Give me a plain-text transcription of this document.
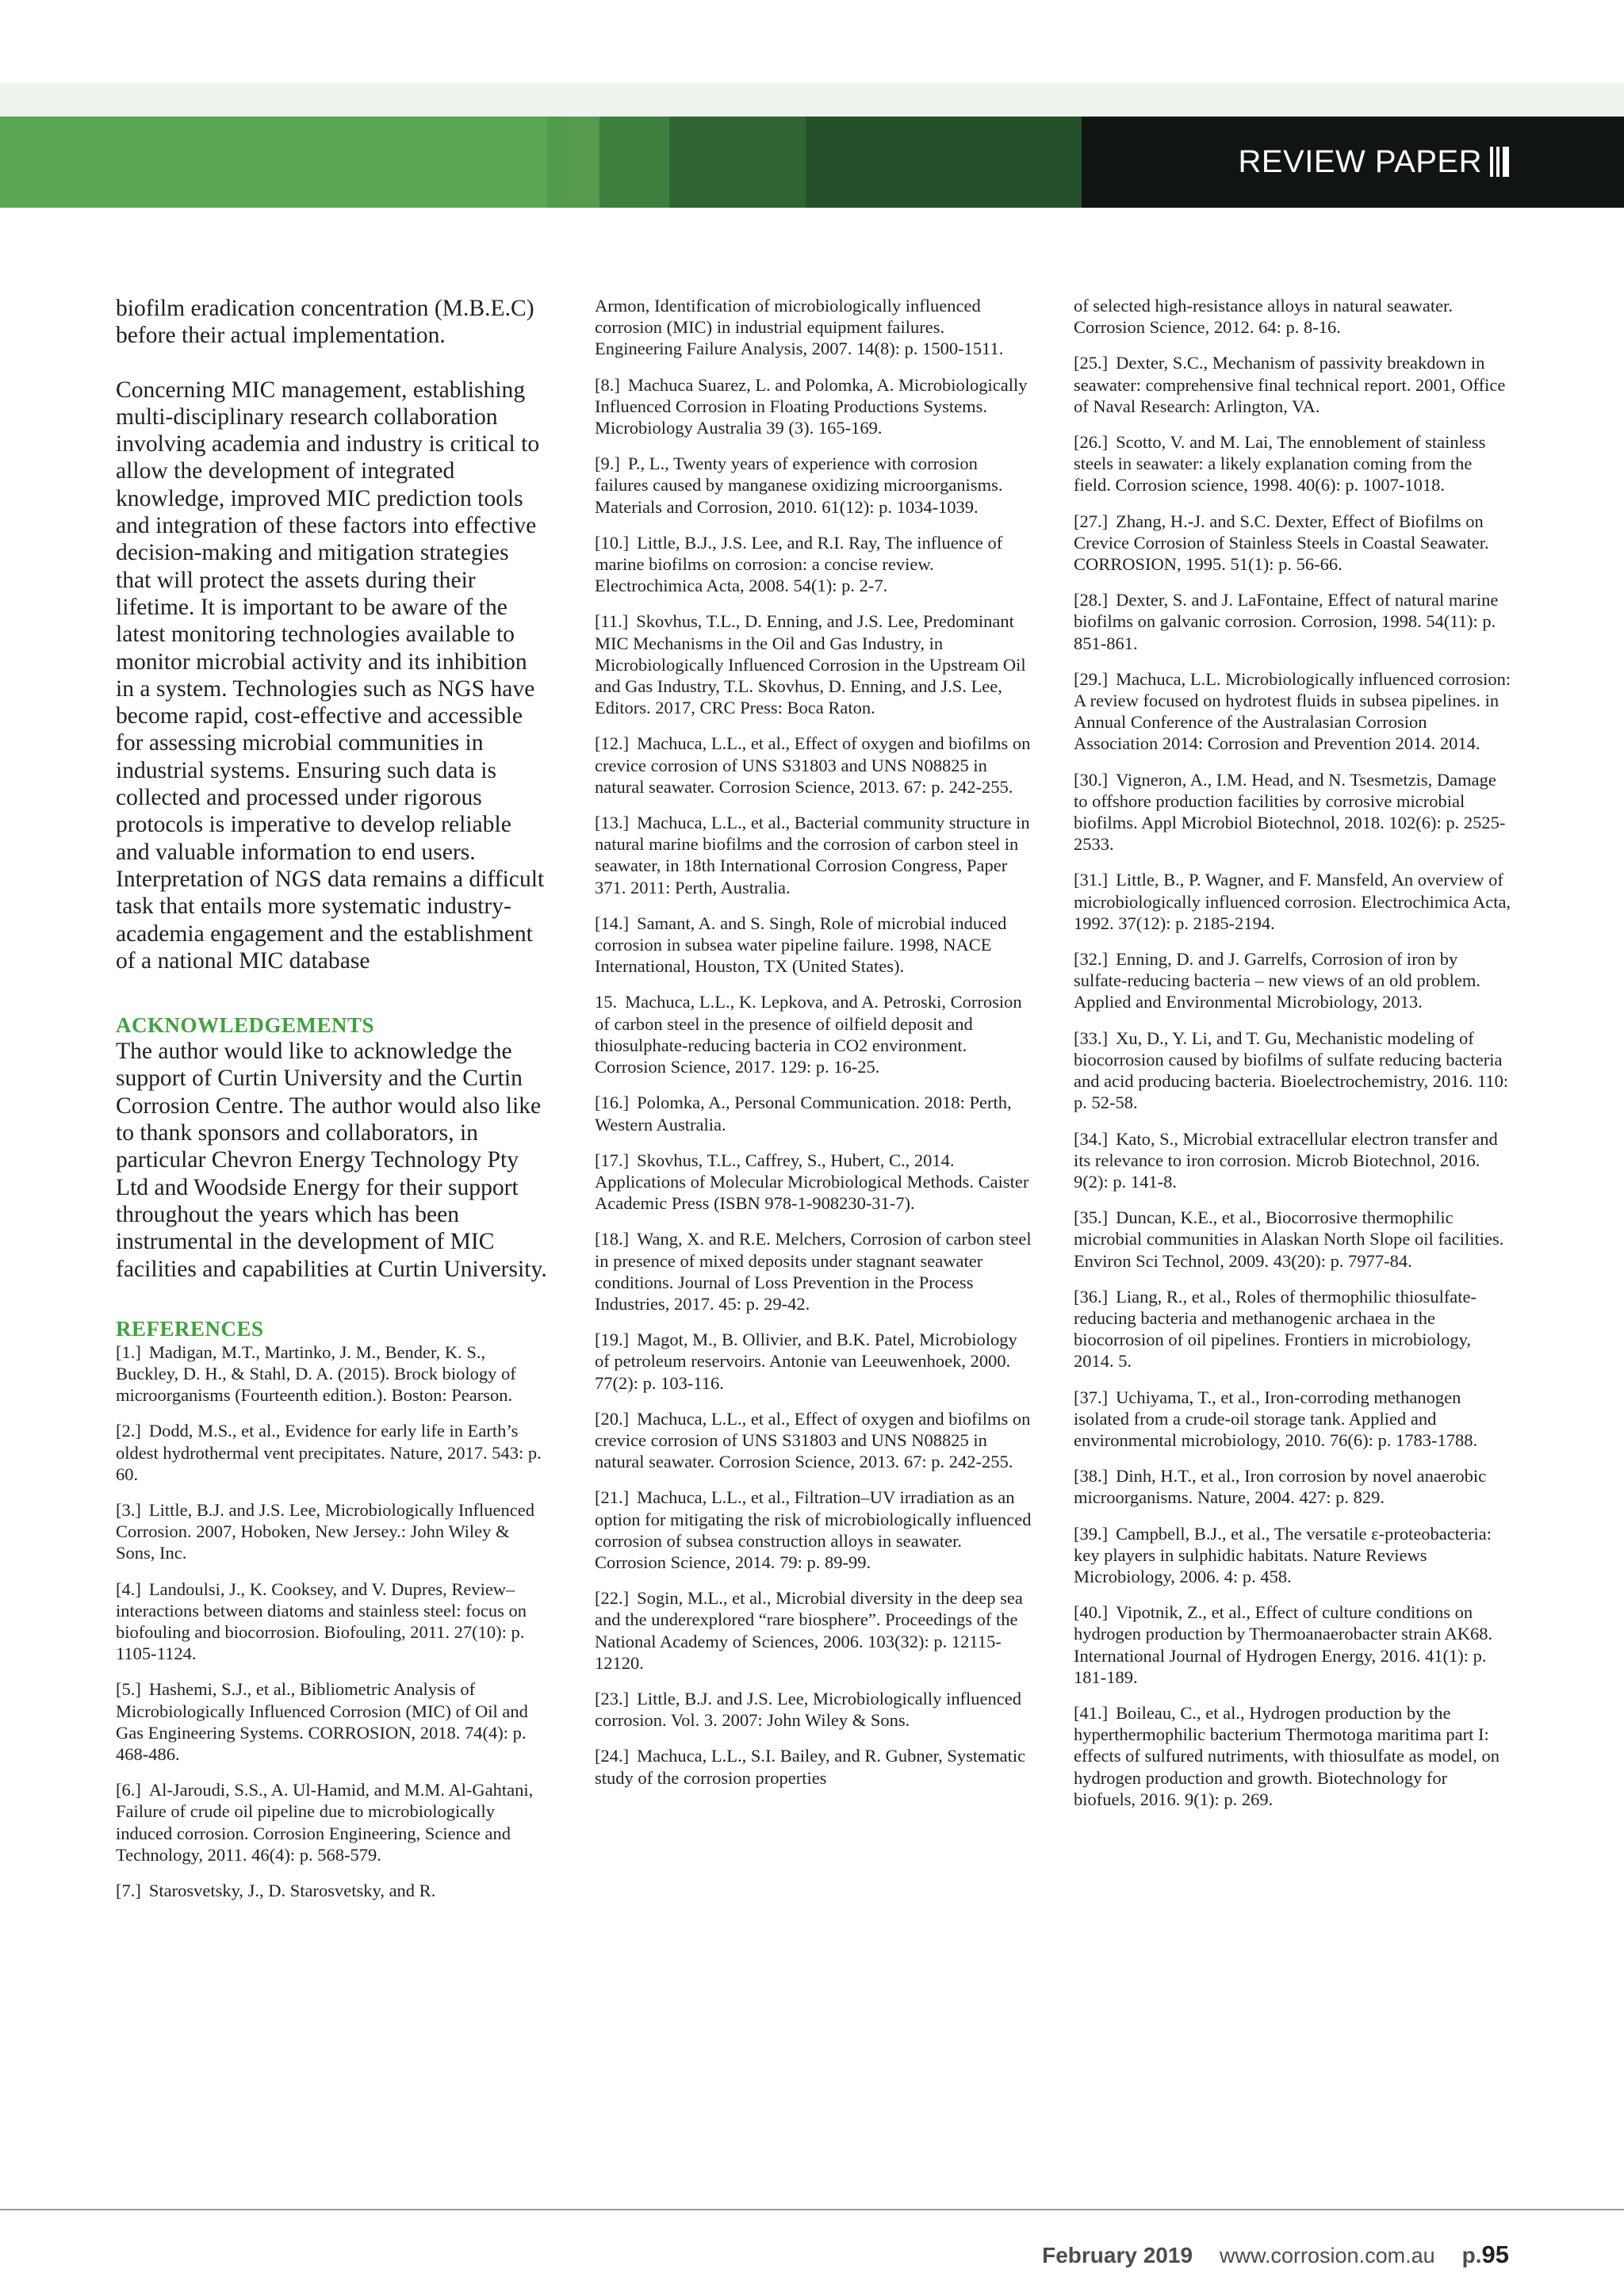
REVIEW PAPER

biofilm eradication concentration (M.B.E.C) before their actual implementation.

Concerning MIC management, establishing multi-disciplinary research collaboration involving academia and industry is critical to allow the development of integrated knowledge, improved MIC prediction tools and integration of these factors into effective decision-making and mitigation strategies that will protect the assets during their lifetime. It is important to be aware of the latest monitoring technologies available to monitor microbial activity and its inhibition in a system. Technologies such as NGS have become rapid, cost-effective and accessible for assessing microbial communities in industrial systems. Ensuring such data is collected and processed under rigorous protocols is imperative to develop reliable and valuable information to end users. Interpretation of NGS data remains a difficult task that entails more systematic industry-academia engagement and the establishment of a national MIC database

ACKNOWLEDGEMENTS

The author would like to acknowledge the support of Curtin University and the Curtin Corrosion Centre. The author would also like to thank sponsors and collaborators, in particular Chevron Energy Technology Pty Ltd and Woodside Energy for their support throughout the years which has been instrumental in the development of MIC facilities and capabilities at Curtin University.

REFERENCES

[1.] Madigan, M.T., Martinko, J. M., Bender, K. S., Buckley, D. H., & Stahl, D. A. (2015). Brock biology of microorganisms (Fourteenth edition.). Boston: Pearson.

[2.] Dodd, M.S., et al., Evidence for early life in Earth’s oldest hydrothermal vent precipitates. Nature, 2017. 543: p. 60.

[3.] Little, B.J. and J.S. Lee, Microbiologically Influenced Corrosion. 2007, Hoboken, New Jersey.: John Wiley & Sons, Inc.

[4.] Landoulsi, J., K. Cooksey, and V. Dupres, Review–interactions between diatoms and stainless steel: focus on biofouling and biocorrosion. Biofouling, 2011. 27(10): p. 1105-1124.

[5.] Hashemi, S.J., et al., Bibliometric Analysis of Microbiologically Influenced Corrosion (MIC) of Oil and Gas Engineering Systems. CORROSION, 2018. 74(4): p. 468-486.

[6.] Al-Jaroudi, S.S., A. Ul-Hamid, and M.M. Al-Gahtani, Failure of crude oil pipeline due to microbiologically induced corrosion. Corrosion Engineering, Science and Technology, 2011. 46(4): p. 568-579.

[7.] Starosvetsky, J., D. Starosvetsky, and R.

Armon, Identification of microbiologically influenced corrosion (MIC) in industrial equipment failures. Engineering Failure Analysis, 2007. 14(8): p. 1500-1511.

[8.] Machuca Suarez, L. and Polomka, A. Microbiologically Influenced Corrosion in Floating Productions Systems. Microbiology Australia 39 (3). 165-169.

[9.] P., L., Twenty years of experience with corrosion failures caused by manganese oxidizing microorganisms. Materials and Corrosion, 2010. 61(12): p. 1034-1039.

[10.] Little, B.J., J.S. Lee, and R.I. Ray, The influence of marine biofilms on corrosion: a concise review. Electrochimica Acta, 2008. 54(1): p. 2-7.

[11.] Skovhus, T.L., D. Enning, and J.S. Lee, Predominant MIC Mechanisms in the Oil and Gas Industry, in Microbiologically Influenced Corrosion in the Upstream Oil and Gas Industry, T.L. Skovhus, D. Enning, and J.S. Lee, Editors. 2017, CRC Press: Boca Raton.

[12.] Machuca, L.L., et al., Effect of oxygen and biofilms on crevice corrosion of UNS S31803 and UNS N08825 in natural seawater. Corrosion Science, 2013. 67: p. 242-255.

[13.] Machuca, L.L., et al., Bacterial community structure in natural marine biofilms and the corrosion of carbon steel in seawater, in 18th International Corrosion Congress, Paper 371. 2011: Perth, Australia.

[14.] Samant, A. and S. Singh, Role of microbial induced corrosion in subsea water pipeline failure. 1998, NACE International, Houston, TX (United States).

15. Machuca, L.L., K. Lepkova, and A. Petroski, Corrosion of carbon steel in the presence of oilfield deposit and thiosulphate-reducing bacteria in CO2 environment. Corrosion Science, 2017. 129: p. 16-25.

[16.] Polomka, A., Personal Communication. 2018: Perth, Western Australia.

[17.] Skovhus, T.L., Caffrey, S., Hubert, C., 2014. Applications of Molecular Microbiological Methods. Caister Academic Press (ISBN 978-1-908230-31-7).

[18.] Wang, X. and R.E. Melchers, Corrosion of carbon steel in presence of mixed deposits under stagnant seawater conditions. Journal of Loss Prevention in the Process Industries, 2017. 45: p. 29-42.

[19.] Magot, M., B. Ollivier, and B.K. Patel, Microbiology of petroleum reservoirs. Antonie van Leeuwenhoek, 2000. 77(2): p. 103-116.

[20.] Machuca, L.L., et al., Effect of oxygen and biofilms on crevice corrosion of UNS S31803 and UNS N08825 in natural seawater. Corrosion Science, 2013. 67: p. 242-255.

[21.] Machuca, L.L., et al., Filtration–UV irradiation as an option for mitigating the risk of microbiologically influenced corrosion of subsea construction alloys in seawater. Corrosion Science, 2014. 79: p. 89-99.

[22.] Sogin, M.L., et al., Microbial diversity in the deep sea and the underexplored “rare biosphere”. Proceedings of the National Academy of Sciences, 2006. 103(32): p. 12115-12120.

[23.] Little, B.J. and J.S. Lee, Microbiologically influenced corrosion. Vol. 3. 2007: John Wiley & Sons.

[24.] Machuca, L.L., S.I. Bailey, and R. Gubner, Systematic study of the corrosion properties

of selected high-resistance alloys in natural seawater. Corrosion Science, 2012. 64: p. 8-16.

[25.] Dexter, S.C., Mechanism of passivity breakdown in seawater: comprehensive final technical report. 2001, Office of Naval Research: Arlington, VA.

[26.] Scotto, V. and M. Lai, The ennoblement of stainless steels in seawater: a likely explanation coming from the field. Corrosion science, 1998. 40(6): p. 1007-1018.

[27.] Zhang, H.-J. and S.C. Dexter, Effect of Biofilms on Crevice Corrosion of Stainless Steels in Coastal Seawater. CORROSION, 1995. 51(1): p. 56-66.

[28.] Dexter, S. and J. LaFontaine, Effect of natural marine biofilms on galvanic corrosion. Corrosion, 1998. 54(11): p. 851-861.

[29.] Machuca, L.L. Microbiologically influenced corrosion: A review focused on hydrotest fluids in subsea pipelines. in Annual Conference of the Australasian Corrosion Association 2014: Corrosion and Prevention 2014. 2014.

[30.] Vigneron, A., I.M. Head, and N. Tsesmetzis, Damage to offshore production facilities by corrosive microbial biofilms. Appl Microbiol Biotechnol, 2018. 102(6): p. 2525-2533.

[31.] Little, B., P. Wagner, and F. Mansfeld, An overview of microbiologically influenced corrosion. Electrochimica Acta, 1992. 37(12): p. 2185-2194.

[32.] Enning, D. and J. Garrelfs, Corrosion of iron by sulfate-reducing bacteria – new views of an old problem. Applied and Environmental Microbiology, 2013.

[33.] Xu, D., Y. Li, and T. Gu, Mechanistic modeling of biocorrosion caused by biofilms of sulfate reducing bacteria and acid producing bacteria. Bioelectrochemistry, 2016. 110: p. 52-58.

[34.] Kato, S., Microbial extracellular electron transfer and its relevance to iron corrosion. Microb Biotechnol, 2016. 9(2): p. 141-8.

[35.] Duncan, K.E., et al., Biocorrosive thermophilic microbial communities in Alaskan North Slope oil facilities. Environ Sci Technol, 2009. 43(20): p. 7977-84.

[36.] Liang, R., et al., Roles of thermophilic thiosulfate-reducing bacteria and methanogenic archaea in the biocorrosion of oil pipelines. Frontiers in microbiology, 2014. 5.

[37.] Uchiyama, T., et al., Iron-corroding methanogen isolated from a crude-oil storage tank. Applied and environmental microbiology, 2010. 76(6): p. 1783-1788.

[38.] Dinh, H.T., et al., Iron corrosion by novel anaerobic microorganisms. Nature, 2004. 427: p. 829.

[39.] Campbell, B.J., et al., The versatile ε-proteobacteria: key players in sulphidic habitats. Nature Reviews Microbiology, 2006. 4: p. 458.

[40.] Vipotnik, Z., et al., Effect of culture conditions on hydrogen production by Thermoanaerobacter strain AK68. International Journal of Hydrogen Energy, 2016. 41(1): p. 181-189.

[41.] Boileau, C., et al., Hydrogen production by the hyperthermophilic bacterium Thermotoga maritima part I: effects of sulfured nutriments, with thiosulfate as model, on hydrogen production and growth. Biotechnology for biofuels, 2016. 9(1): p. 269.

February 2019 www.corrosion.com.au p.95
